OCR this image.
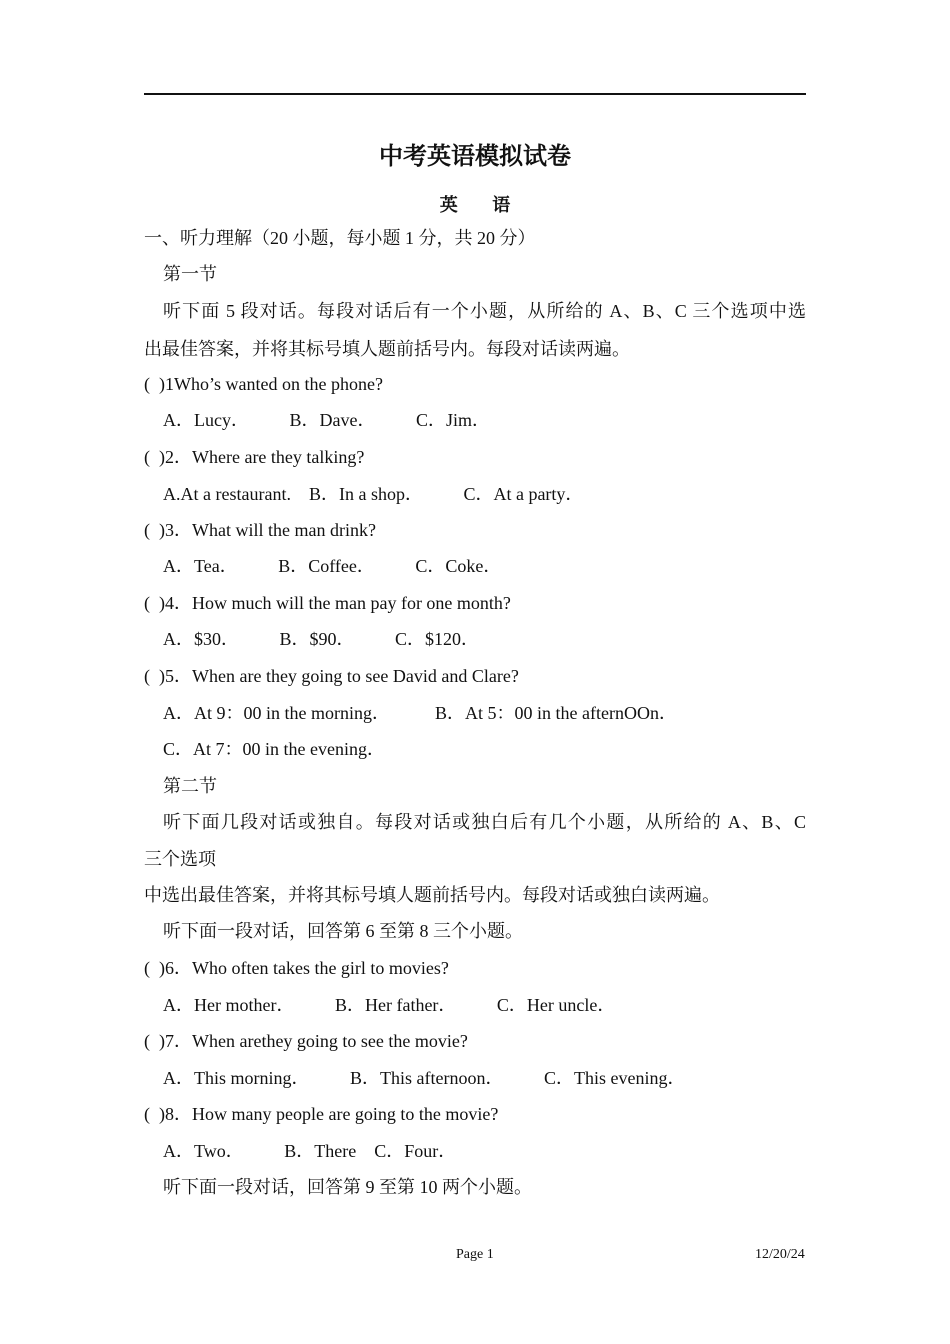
中考英语模拟试卷
英 语
一、听力理解（20 小题，每小题 1 分，共 20 分）
第一节
听下面 5 段对话。每段对话后有一个小题，从所给的 A、B、C 三个选项中选
出最佳答案，并将其标号填人题前括号内。每段对话读两遍。
(  )1Who’s wanted on the phone?
A．Lucy．         B．Dave．         C．Jim．
(  )2．Where are they talking?
A.At a restaurant.    B．In a shop．         C．At a party．
(  )3．What will the man drink?
A．Tea．         B．Coffee．         C．Coke．
(  )4．How much will the man pay for one month?
A．$30．         B．$90．         C．$120．
(  )5．When are they going to see David and Clare?
A．At 9：00 in the morning．          B．At 5：00 in the afternOOn．
C．At 7：00 in the evening．
第二节
听下面几段对话或独自。每段对话或独白后有几个小题，从所给的 A、B、C
三个选项
中选出最佳答案，并将其标号填人题前括号内。每段对话或独白读两遍。
听下面一段对话，回答第 6 至第 8 三个小题。
(  )6．Who often takes the girl to movies?
A．Her mother．         B．Her father．         C．Her uncle．
(  )7．When arethey going to see the movie?
A．This morning．         B．This afternoon．         C．This evening．
(  )8．How many people are going to the movie?
A．Two．         B．There    C．Four．
听下面一段对话，回答第 9 至第 10 两个小题。
Page 1	12/20/24
